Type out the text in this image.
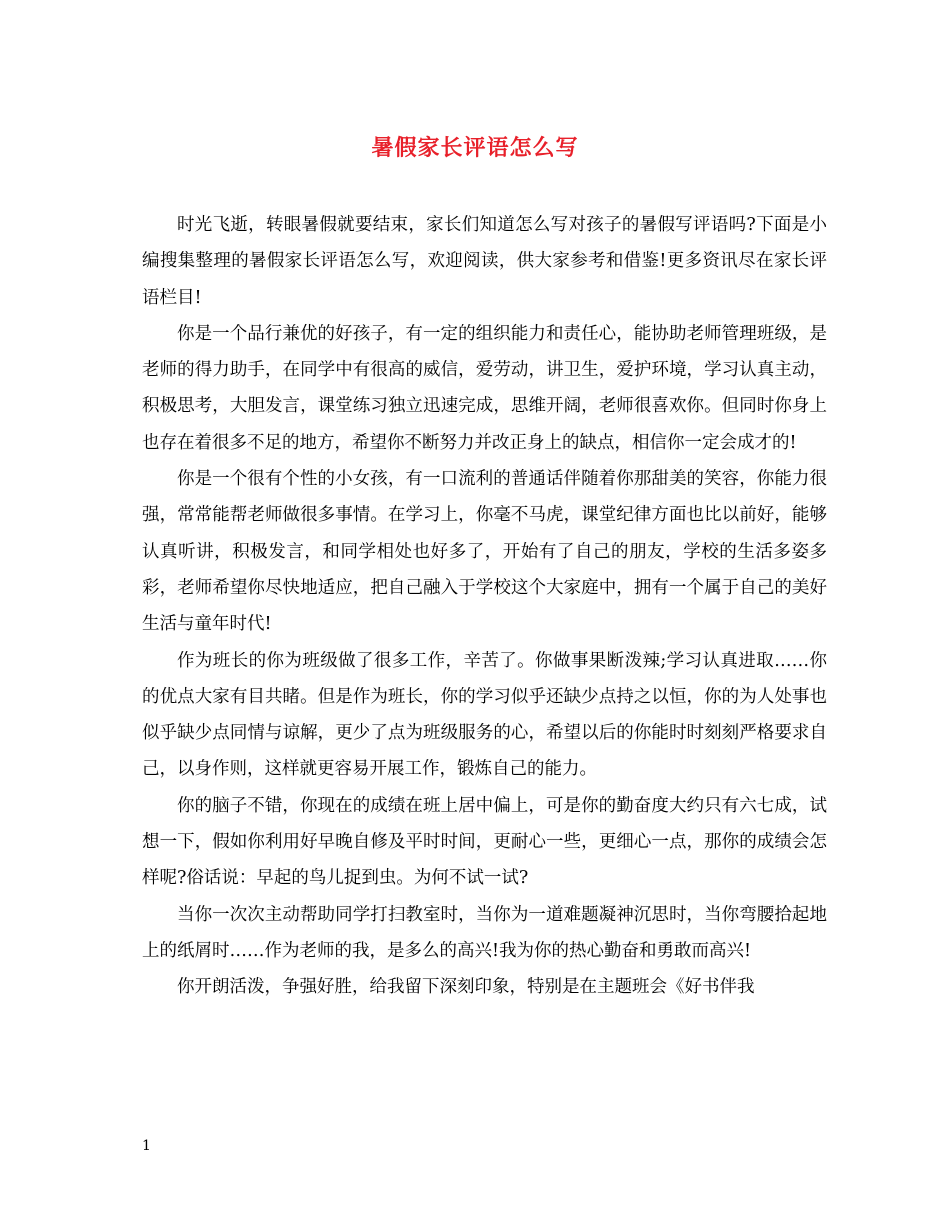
暑假家长评语怎么写

时光飞逝，转眼暑假就要结束，家长们知道怎么写对孩子的暑假写评语吗?下面是小编搜集整理的暑假家长评语怎么写，欢迎阅读，供大家参考和借鉴!更多资讯尽在家长评语栏目!

你是一个品行兼优的好孩子，有一定的组织能力和责任心，能协助老师管理班级，是老师的得力助手，在同学中有很高的威信，爱劳动，讲卫生，爱护环境，学习认真主动，积极思考，大胆发言，课堂练习独立迅速完成，思维开阔，老师很喜欢你。但同时你身上也存在着很多不足的地方，希望你不断努力并改正身上的缺点，相信你一定会成才的!

你是一个很有个性的小女孩，有一口流利的普通话伴随着你那甜美的笑容，你能力很强，常常能帮老师做很多事情。在学习上，你毫不马虎，课堂纪律方面也比以前好，能够认真听讲，积极发言，和同学相处也好多了，开始有了自己的朋友，学校的生活多姿多彩，老师希望你尽快地适应，把自己融入于学校这个大家庭中，拥有一个属于自己的美好生活与童年时代!

作为班长的你为班级做了很多工作，辛苦了。你做事果断泼辣;学习认真进取……你的优点大家有目共睹。但是作为班长，你的学习似乎还缺少点持之以恒，你的为人处事也似乎缺少点同情与谅解，更少了点为班级服务的心，希望以后的你能时时刻刻严格要求自己，以身作则，这样就更容易开展工作，锻炼自己的能力。

你的脑子不错，你现在的成绩在班上居中偏上，可是你的勤奋度大约只有六七成，试想一下，假如你利用好早晚自修及平时时间，更耐心一些，更细心一点，那你的成绩会怎样呢?俗话说：早起的鸟儿捉到虫。为何不试一试?

当你一次次主动帮助同学打扫教室时，当你为一道难题凝神沉思时，当你弯腰拾起地上的纸屑时……作为老师的我，是多么的高兴!我为你的热心勤奋和勇敢而高兴!

你开朗活泼，争强好胜，给我留下深刻印象，特别是在主题班会《好书伴我

1
